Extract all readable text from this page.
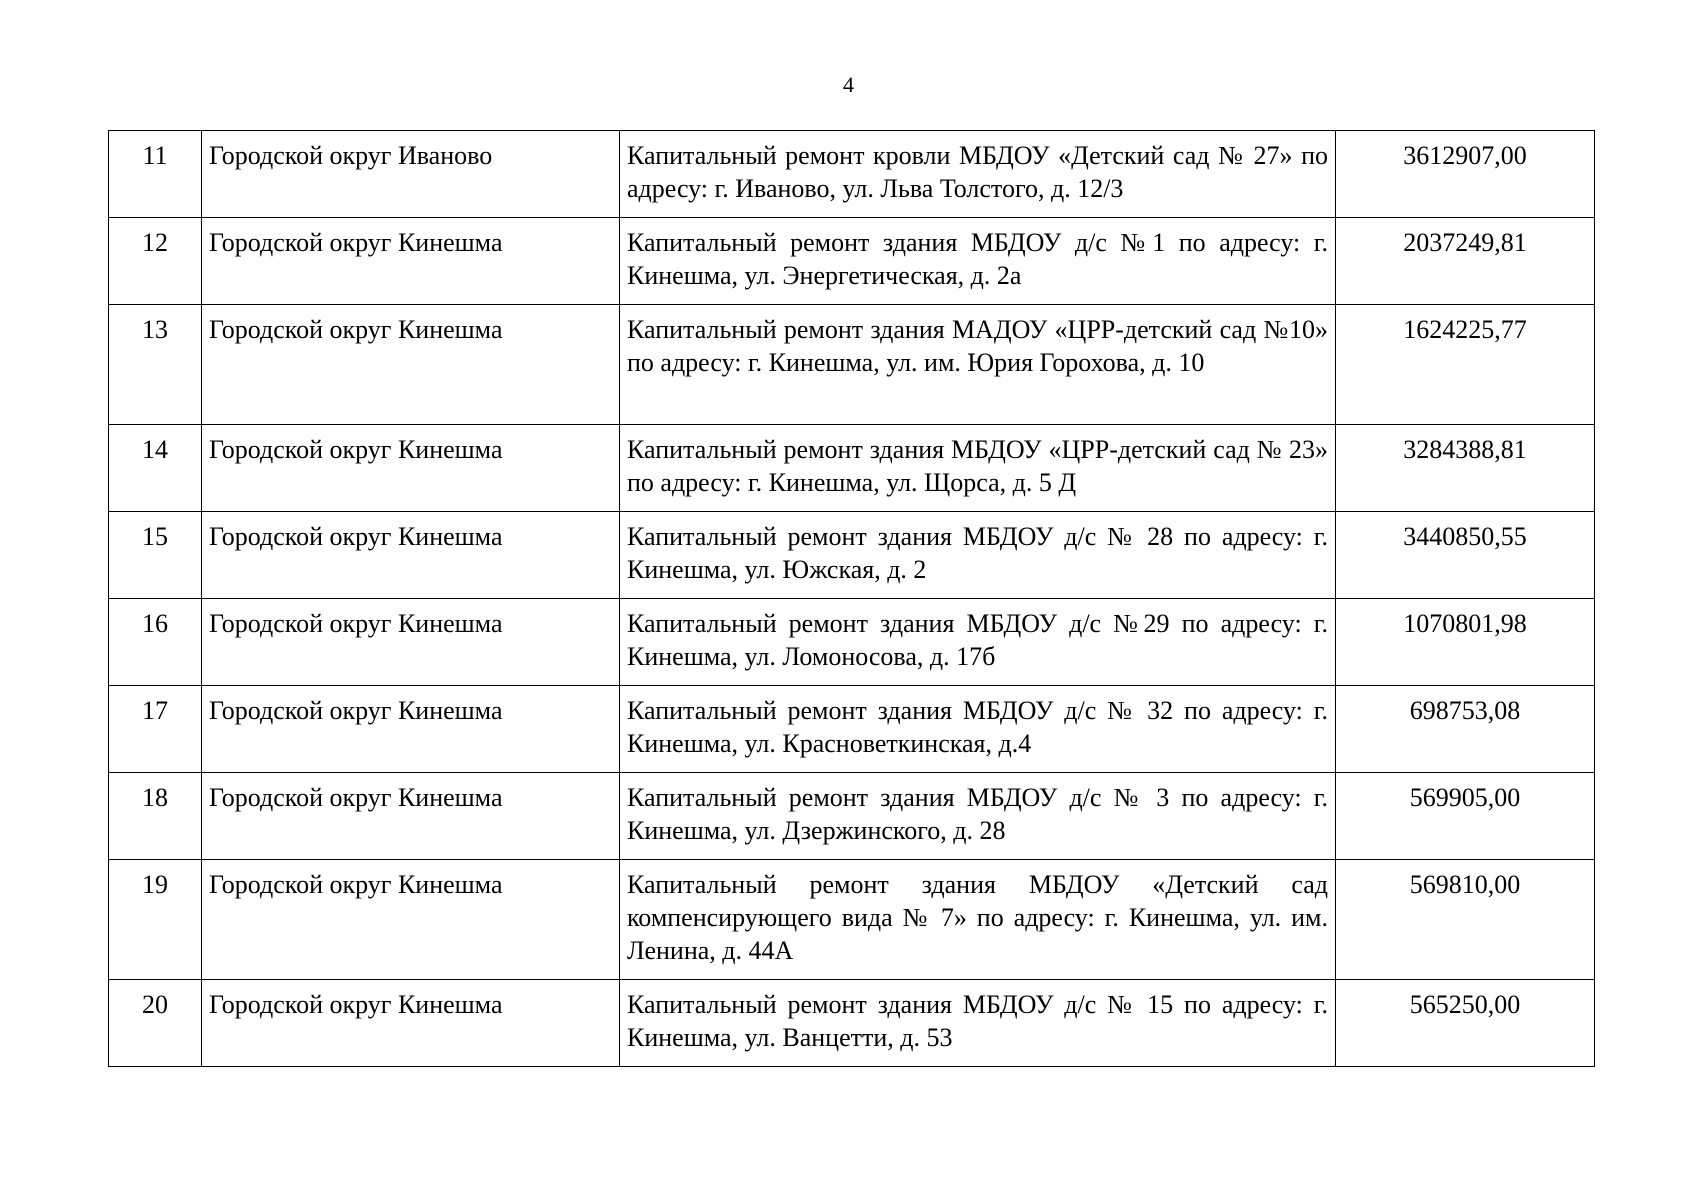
4
11	Городской округ Иваново	Капитальный ремонт кровли МБДОУ «Детский сад № 27» по адресу: г. Иваново, ул. Льва Толстого, д. 12/3	3612907,00
12	Городской округ Кинешма	Капитальный ремонт здания МБДОУ д/с №1 по адресу: г. Кинешма, ул. Энергетическая, д. 2а	2037249,81
13	Городской округ Кинешма	Капитальный ремонт здания МАДОУ «ЦРР-детский сад №10» по адресу: г. Кинешма, ул. им. Юрия Горохова, д. 10	1624225,77
14	Городской округ Кинешма	Капитальный ремонт здания МБДОУ «ЦРР-детский сад № 23» по адресу: г. Кинешма, ул. Щорса, д. 5 Д	3284388,81
15	Городской округ Кинешма	Капитальный ремонт здания МБДОУ д/с № 28 по адресу: г. Кинешма, ул. Южская, д. 2	3440850,55
16	Городской округ Кинешма	Капитальный ремонт здания МБДОУ д/с №29 по адресу: г. Кинешма, ул. Ломоносова, д. 17б	1070801,98
17	Городской округ Кинешма	Капитальный ремонт здания МБДОУ д/с № 32 по адресу: г. Кинешма, ул. Красноветкинская, д.4	698753,08
18	Городской округ Кинешма	Капитальный ремонт здания МБДОУ д/с № 3 по адресу: г. Кинешма, ул. Дзержинского, д. 28	569905,00
19	Городской округ Кинешма	Капитальный ремонт здания МБДОУ «Детский сад компенсирующего вида № 7» по адресу: г. Кинешма, ул. им. Ленина, д. 44А	569810,00
20	Городской округ Кинешма	Капитальный ремонт здания МБДОУ д/с № 15 по адресу: г. Кинешма, ул. Ванцетти, д. 53	565250,00
